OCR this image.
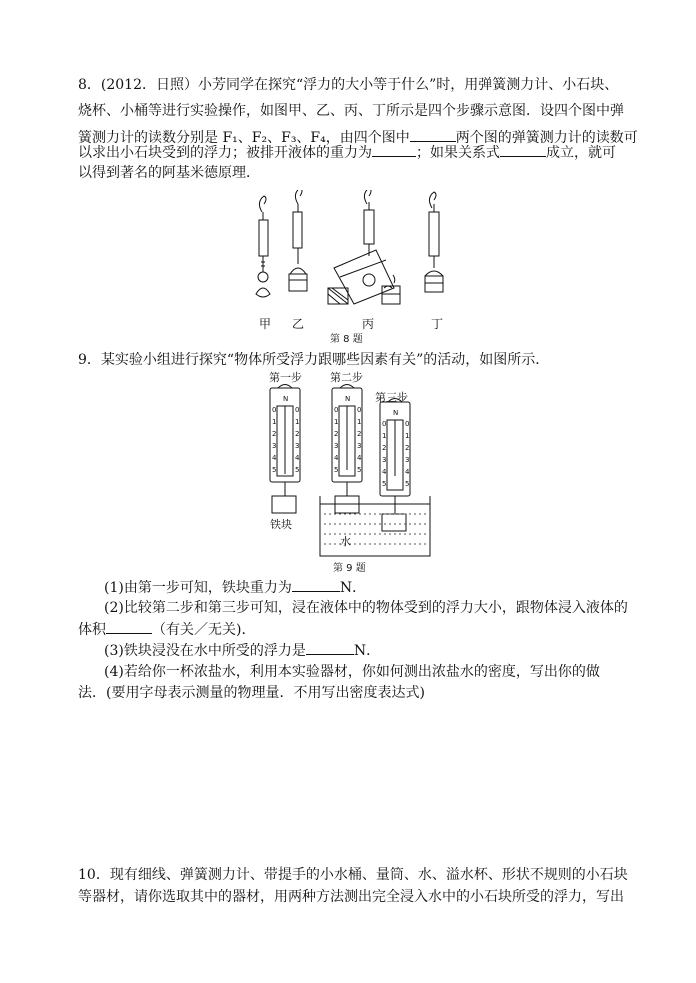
8．(2012．日照）小芳同学在探究“浮力的大小等于什么”时，用弹簧测力计、小石块、
烧杯、小桶等进行实验操作，如图甲、乙、丙、丁所示是四个步骤示意图．设四个图中弹
簧测力计的读数分别是 F₁、F₂、F₃、F₄，由四个图中	两个图的弹簧测力计的读数可
以求出小石块受到的浮力；被排开液体的重力为	；如果关系式	成立，就可
以得到著名的阿基米德原理．
甲 乙	丙	丁
第 8 题
9．某实验小组进行探究“物体所受浮力跟哪些因素有关”的活动，如图所示．
N	N
N
0	0
1	1
2	2
3	3
4	4
5	5
0	0
1	1
2	2
3	3
4	4
5	5
0	0
1	1
2	2
3	3
4	4
5	5
第一步	第二步
第三步
铁块
水
第 9 题
(1)由第一步可知，铁块重力为	N．
(2)比较第二步和第三步可知，浸在液体中的物体受到的浮力大小，跟物体浸入液体的
体积	（有关／无关)．
(3)铁块浸没在水中所受的浮力是	N．
(4)若给你一杯浓盐水，利用本实验器材，你如何测出浓盐水的密度，写出你的做
法．(要用字母表示测量的物理量．不用写出密度表达式)
10．现有细线、弹簧测力计、带提手的小水桶、量筒、水、溢水杯、形状不规则的小石块
等器材，请你选取其中的器材，用两种方法测出完全浸入水中的小石块所受的浮力，写出
